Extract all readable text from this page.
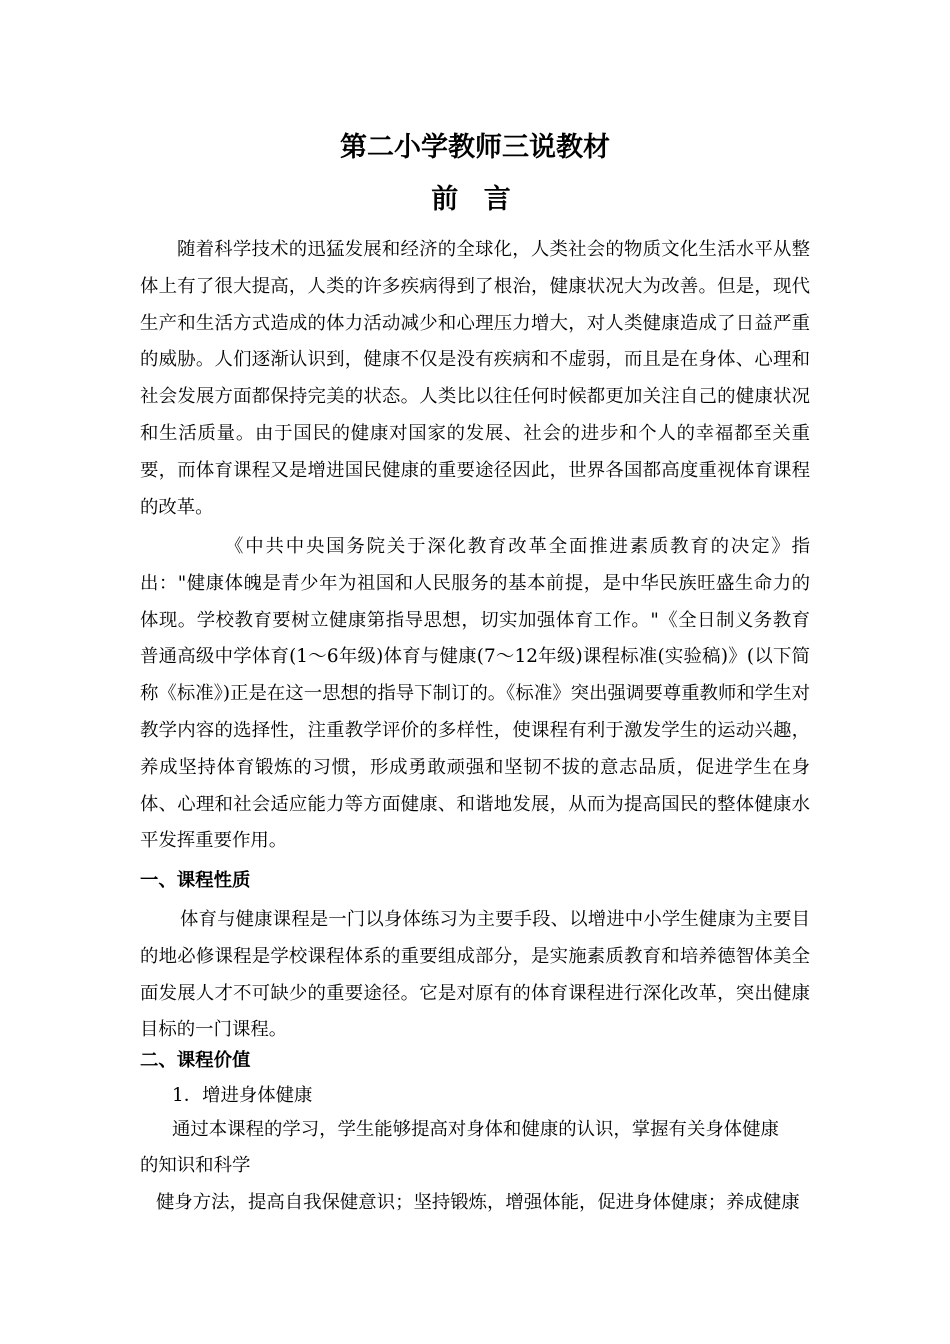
第二小学教师三说教材
前 言

随着科学技术的迅猛发展和经济的全球化，人类社会的物质文化生活水平从整体上有了很大提高，人类的许多疾病得到了根治，健康状况大为改善。但是，现代生产和生活方式造成的体力活动减少和心理压力增大，对人类健康造成了日益严重的威胁。人们逐渐认识到，健康不仅是没有疾病和不虚弱，而且是在身体、心理和社会发展方面都保持完美的状态。人类比以往任何时候都更加关注自己的健康状况和生活质量。由于国民的健康对国家的发展、社会的进步和个人的幸福都至关重要，而体育课程又是增进国民健康的重要途径因此，世界各国都高度重视体育课程的改革。

《中共中央国务院关于深化教育改革全面推进素质教育的决定》指出："健康体魄是青少年为祖国和人民服务的基本前提，是中华民族旺盛生命力的体现。学校教育要树立健康第指导思想，切实加强体育工作。"《全日制义务教育普通高级中学体育(1～6年级)体育与健康(7～12年级)课程标准(实验稿)》(以下简称《标准》)正是在这一思想的指导下制订的。《标准》突出强调要尊重教师和学生对教学内容的选择性，注重教学评价的多样性，使课程有利于激发学生的运动兴趣，养成坚持体育锻炼的习惯，形成勇敢顽强和坚韧不拔的意志品质，促进学生在身体、心理和社会适应能力等方面健康、和谐地发展，从而为提高国民的整体健康水平发挥重要作用。

一、课程性质

体育与健康课程是一门以身体练习为主要手段、以增进中小学生健康为主要目的地必修课程是学校课程体系的重要组成部分，是实施素质教育和培养德智体美全面发展人才不可缺少的重要途径。它是对原有的体育课程进行深化改革，突出健康目标的一门课程。

二、课程价值

1．增进身体健康

通过本课程的学习，学生能够提高对身体和健康的认识，掌握有关身体健康

的知识和科学

健身方法，提高自我保健意识；坚持锻炼，增强体能，促进身体健康；养成健康
